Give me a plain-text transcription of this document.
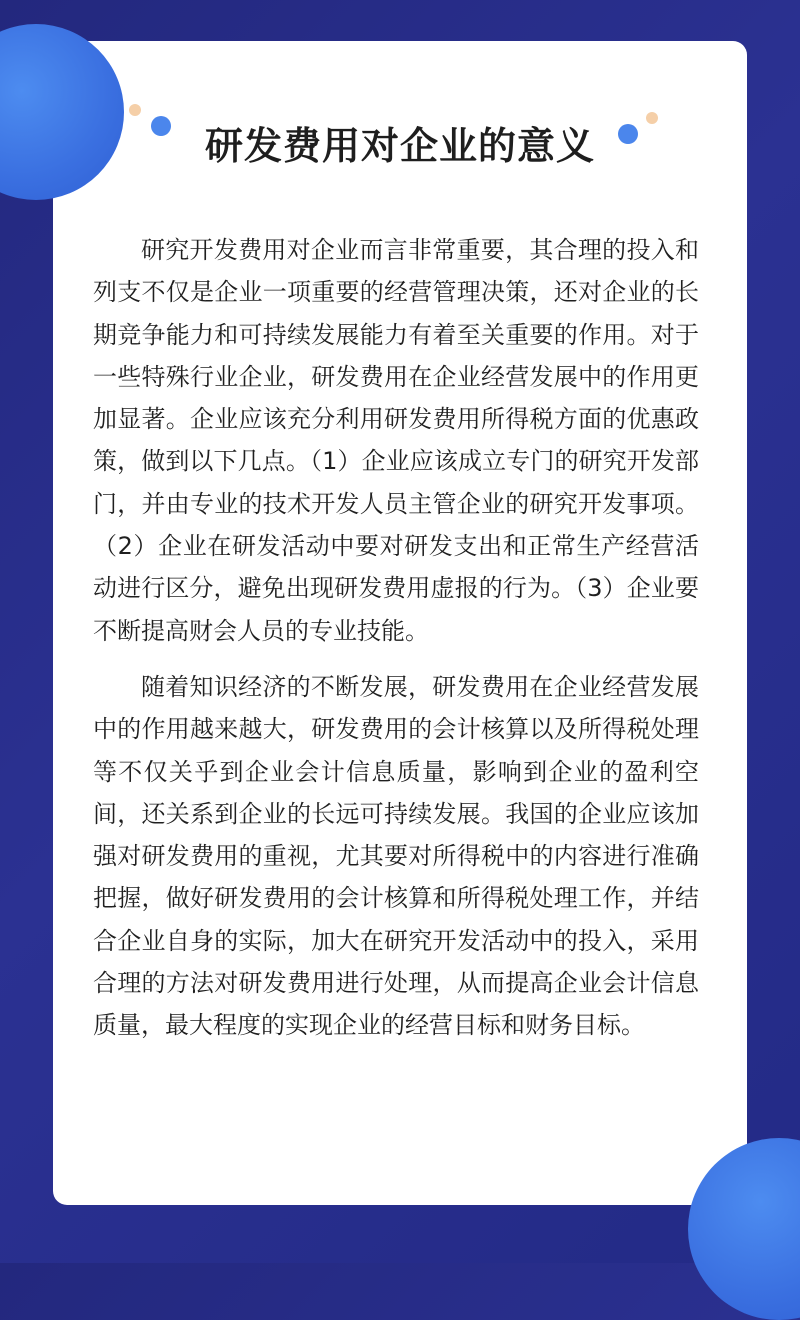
研发费用对企业的意义

研究开发费用对企业而言非常重要，其合理的投入和列支不仅是企业一项重要的经营管理决策，还对企业的长期竞争能力和可持续发展能力有着至关重要的作用。对于一些特殊行业企业，研发费用在企业经营发展中的作用更加显著。企业应该充分利用研发费用所得税方面的优惠政策，做到以下几点。（1）企业应该成立专门的研究开发部门，并由专业的技术开发人员主管企业的研究开发事项。（2）企业在研发活动中要对研发支出和正常生产经营活动进行区分，避免出现研发费用虚报的行为。（3）企业要不断提高财会人员的专业技能。

随着知识经济的不断发展，研发费用在企业经营发展中的作用越来越大，研发费用的会计核算以及所得税处理等不仅关乎到企业会计信息质量，影响到企业的盈利空间，还关系到企业的长远可持续发展。我国的企业应该加强对研发费用的重视，尤其要对所得税中的内容进行准确把握，做好研发费用的会计核算和所得税处理工作，并结合企业自身的实际，加大在研究开发活动中的投入，采用合理的方法对研发费用进行处理，从而提高企业会计信息质量，最大程度的实现企业的经营目标和财务目标。
